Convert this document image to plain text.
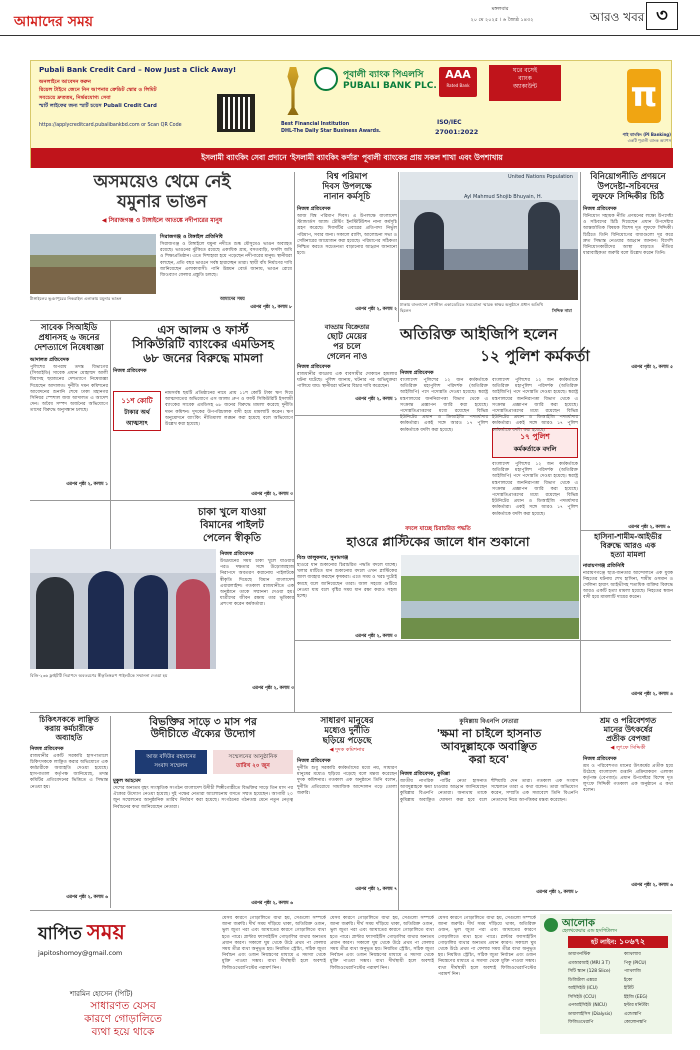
আমাদের সময়
মঙ্গলবার
২০ মে ২০২৫ । ৬ জ্যৈষ্ঠ ১৪৩২	আরও খবর ৩
Pubali Bank Credit Card – Now Just a Click Away!
অনলাইনে আবেদন করুন
রিয়েল টাইমে জেনে নিন আপনার ক্রেডিট স্কোর ও লিমিট
সবচেয়ে দ্রুততম, নির্ভরযোগ্য সেবা
স্মার্ট লাইফের জন্য স্মার্ট চয়েস Pubali Credit Card
https://applycreditcard.pubalibankbd.com or Scan QR Code	Best Financial Institution
DHL-The Daily Star Business Awards.
পূবালী ব্যাংক পিএলসি
PUBALI BANK PLC.
AAA
Rated Bank
ISO/IEC
27001:2022
ঘরে বসেই
ব্যাংক
অ্যাকাউন্ট	π
পাই ব্যাংকিং (PI Banking)
একটি পূবালী ব্যাংক অ্যাপস
ইসলামী ব্যাংকিং সেবা প্রদানে 'ইসলামী ব্যাংকিং কর্ণার' পূবালী ব্যাংকের প্রায় সকল শাখা এবং উপশাখায়
অসময়েও থেমে নেই
যমুনার ভাঙন
◀ সিরাজগঞ্জ ও টাঙ্গাইলে আতঙ্কে নদীপারের মানুষ
টাঙ্গাইলের ভূঞাপুরের নিকরাইল এলাকায় যমুনার ভাঙন	আমাদের সময়
সিরাজগঞ্জ ও টাঙ্গাইল প্রতিনিধি
সিরাজগঞ্জ ও টাঙ্গাইলে যমুনা নদীতে শুষ্ক মৌসুমেও ভাঙন অব্যাহত রয়েছে। ভাঙনের ঝুঁকিতে রয়েছে একাধিক গ্রাম, বসতবাড়ি, ফসলি জমি ও শিক্ষাপ্রতিষ্ঠান। এতে দিশাহারা হয়ে পড়েছেন নদীপারের মানুষ। স্থানীয়রা বলছেন, প্রতি বছর ভাঙনে সর্বস্ব হারাচ্ছেন তারা। স্থায়ী বাঁধ নির্মাণের দাবি জানিয়েছেন এলাকাবাসী। পানি উন্নয়ন বোর্ড জানায়, ভাঙন রোধে জিওব্যাগ ফেলার প্রস্তুতি চলছে।
এরপর পৃষ্ঠা ২, কলাম ৮
বিশ্ব পরিমাপ
দিবস উপলক্ষে
নানান কর্মসূচি
নিজস্ব প্রতিবেদক
আজ বিশ্ব পরিমাপ দিবস। এ উপলক্ষে বাংলাদেশ স্ট্যান্ডার্ডস অ্যান্ড টেস্টিং ইনস্টিটিউশন নানা কর্মসূচি গ্রহণ করেছে। দিবসটির এবারের প্রতিপাদ্য নির্ভুল পরিমাপ, সবার জন্য। সকালে র‌্যালি, আলোচনা সভা ও সেমিনারের আয়োজন করা হয়েছে। পরিমাপের সঠিকতা নিশ্চিত করতে সচেতনতা বাড়ানোর আহ্বান জানানো হবে।
এরপর পৃষ্ঠা ২, কলাম ২
United Nations Population
Ayl Mahmud Shojib Bhuyain, H.
ঢাকায় বাংলাদেশ পোস্টাল একাডেমিতে সমঝোতা স্মারক স্বাক্ষর অনুষ্ঠানে প্রধান অতিথি ছিলেন	সিদ্দিক নামা
বিনিয়োগনীতি প্রণয়নে
উপদেষ্টা-সচিবদের
লুফফে সিদ্দিকীর চিঠি
নিজস্ব প্রতিবেদক
বিনিয়োগ সহায়ক নীতি প্রণয়নের লক্ষ্যে উপদেষ্টা ও সচিবদের চিঠি দিয়েছেন প্রধান উপদেষ্টার আন্তর্জাতিক বিষয়ক বিশেষ দূত লুফফে সিদ্দিকী। চিঠিতে তিনি বিনিয়োগের বাধাগুলো দূর করে দ্রুত সিদ্ধান্ত নেওয়ার আহ্বান জানান। বিদেশি বিনিয়োগকারীদের আস্থা বাড়াতে নীতির ধারাবাহিকতা জরুরি বলে উল্লেখ করেন তিনি।
এরপর পৃষ্ঠা ২, কলাম ৫
সাবেক সিআইডি
প্রধানসহ ৬ জনের
দেশত্যাগে নিষেধাজ্ঞা
আদালত প্রতিবেদক
পুলিশের অপরাধ তদন্ত বিভাগের (সিআইডি) সাবেক প্রধান মোহাম্মদ আলী মিয়াসহ ছয়জনের দেশত্যাগে নিষেধাজ্ঞা দিয়েছেন আদালত। দুর্নীতি দমন কমিশনের আবেদনের শুনানি শেষে ঢাকা মহানগর সিনিয়র স্পেশাল জজ আদালত এ আদেশ দেন। অবৈধ সম্পদ অর্জনের অভিযোগে তাদের বিরুদ্ধে অনুসন্ধান চলছে।
এরপর পৃষ্ঠা ২, কলাম ১
এস আলম ও ফার্স্ট
সিকিউরিটি ব্যাংকের এমডিসহ
৬৮ জনের বিরুদ্ধে মামলা
নিজস্ব প্রতিবেদক
১১শ কোটি
টাকার অর্থ
আত্মসাৎ
নামসর্বস্ব ছয়টি প্রতিষ্ঠানের নামে প্রায় ১১শ কোটি টাকা ঋণ দিয়ে আত্মসাতের অভিযোগে এস আলম গ্রুপ ও ফার্স্ট সিকিউরিটি ইসলামী ব্যাংকের সাবেক এমডিসহ ৬৮ জনের বিরুদ্ধে মামলা করেছে দুর্নীতি দমন কমিশন। দুদকের উপপরিচালক বাদী হয়ে মামলাটি করেন। ঋণ অনুমোদনে ব্যাংকিং নীতিমালা লঙ্ঘন করা হয়েছে বলে অভিযোগে উল্লেখ করা হয়েছে।
এরপর পৃষ্ঠা ২, কলাম ৩
বাড্ডায় বিক্রেতার
ছোট মেয়ের
পর চলে
গেলেন নাও
নিজস্ব প্রতিবেদক
রাজধানীর বাড্ডায় এক ব্যবসায়ীর দোকানে হামলার ঘটনা ঘটেছে। পুলিশ জানায়, ঘটনার পর অভিযুক্তরা পালিয়ে যায়। স্থানীয়রা ঘটনার বিচার দাবি করেছেন।
এরপর পৃষ্ঠা ২, কলাম ১
অতিরিক্ত আইজিপি হলেন
১২ পুলিশ কর্মকর্তা
নিজস্ব প্রতিবেদক
বাংলাদেশ পুলিশের ১২ জন কর্মকর্তাকে অতিরিক্ত মহাপুলিশ পরিদর্শক (অতিরিক্ত আইজিপি) পদে পদোন্নতি দেওয়া হয়েছে। স্বরাষ্ট্র মন্ত্রণালয়ের জননিরাপত্তা বিভাগ থেকে এ সংক্রান্ত প্রজ্ঞাপন জারি করা হয়েছে। পদোন্নতিপ্রাপ্তদের মধ্যে রয়েছেন বিভিন্ন ইউনিটের প্রধান ও ডিআইজি পদমর্যাদার কর্মকর্তারা। একই সঙ্গে আরও ১৭ পুলিশ কর্মকর্তাকে বদলি করা হয়েছে।
১৭ পুলিশ
কর্মকর্তাকে বদলি
বাংলাদেশ পুলিশের ১২ জন কর্মকর্তাকে অতিরিক্ত মহাপুলিশ পরিদর্শক (অতিরিক্ত আইজিপি) পদে পদোন্নতি দেওয়া হয়েছে। স্বরাষ্ট্র মন্ত্রণালয়ের জননিরাপত্তা বিভাগ থেকে এ সংক্রান্ত প্রজ্ঞাপন জারি করা হয়েছে। পদোন্নতিপ্রাপ্তদের মধ্যে রয়েছেন বিভিন্ন ইউনিটের প্রধান ও ডিআইজি পদমর্যাদার কর্মকর্তারা। একই সঙ্গে আরও ১৭ পুলিশ কর্মকর্তাকে বদলি করা হয়েছে।
বাংলাদেশ পুলিশের ১২ জন কর্মকর্তাকে অতিরিক্ত মহাপুলিশ পরিদর্শক (অতিরিক্ত আইজিপি) পদে পদোন্নতি দেওয়া হয়েছে। স্বরাষ্ট্র মন্ত্রণালয়ের জননিরাপত্তা বিভাগ থেকে এ সংক্রান্ত প্রজ্ঞাপন জারি করা হয়েছে। পদোন্নতিপ্রাপ্তদের মধ্যে রয়েছেন বিভিন্ন ইউনিটের প্রধান ও ডিআইজি পদমর্যাদার কর্মকর্তারা। একই সঙ্গে আরও ১৭ পুলিশ কর্মকর্তাকে বদলি করা হয়েছে।
এরপর পৃষ্ঠা ২, কলাম ৬
চাকা খুলে যাওয়া
বিমানের পাইলট
পেলেন স্বীকৃতি
নিজস্ব প্রতিবেদক
উড্ডয়নের সময় চাকা খুলে যাওয়ার পরও দক্ষতার সঙ্গে উড়োজাহাজ নিরাপদে অবতরণ করানোয় পাইলটকে স্বীকৃতি দিয়েছে বিমান বাংলাদেশ এয়ারলাইন্স। গতকাল রাজধানীতে এক অনুষ্ঠানে তাকে সম্মাননা দেওয়া হয়। যাত্রীদের জীবন রক্ষায় তার ভূমিকার প্রশংসা করেন কর্মকর্তারা।
বিজি-২৩৬ ফ্লাইটটি নিরাপদে অবতরণের স্বীকৃতিস্বরূপ পাইলটকে সম্মাননা দেওয়া হয়
এরপর পৃষ্ঠা ২, কলাম ৩
বদলে যাচ্ছে চিরাচরিত পদ্ধতি
হাওরে প্লাস্টিকের জালে ধান শুকানো
বিশু তালুকদার, সুনামগঞ্জ
হাওরে ধান শুকানোর চিরাচরিত পদ্ধতি বদলে যাচ্ছে। খলার মাটিতে ধান শুকানোর বদলে এখন প্লাস্টিকের জাল ব্যবহার করছেন কৃষকরা। এতে সময় ও খরচ দুটোই কমছে বলে জানিয়েছেন তারা। জাল সহজে গুটিয়ে নেওয়া যায় বলে বৃষ্টির সময় ধান রক্ষা করাও সহজ হচ্ছে।
এরপর পৃষ্ঠা ২, কলাম ৩
হাসিনা-শামীম-আইভীর
বিরুদ্ধে আরও এক
হত্যা মামলা
নারায়ণগঞ্জ প্রতিনিধি
নারায়ণগঞ্জে ছাত্র-জনতার আন্দোলনে এক যুবক নিহতের ঘটনায় শেখ হাসিনা, শামীম ওসমান ও সেলিনা হায়াৎ আইভীসহ শতাধিক ব্যক্তির বিরুদ্ধে আরও একটি হত্যা মামলা হয়েছে। নিহতের স্বজন বাদী হয়ে মামলাটি দায়ের করেন।
এরপর পৃষ্ঠা ২, কলাম ৪
চিকিৎসককে লাঞ্ছিত
করায় কর্মচারীকে
অব্যাহতি
নিজস্ব প্রতিবেদক
রাজধানীর একটি সরকারি হাসপাতালে চিকিৎসককে লাঞ্ছিত করার অভিযোগে এক কর্মচারীকে অব্যাহতি দেওয়া হয়েছে। হাসপাতাল কর্তৃপক্ষ জানিয়েছে, তদন্ত কমিটির প্রতিবেদনের ভিত্তিতে এ সিদ্ধান্ত নেওয়া হয়।
এরপর পৃষ্ঠা ২, কলাম ৬
বিভক্তির সাড়ে ৩ মাস পর
উদীচীতে ঐক্যের উদ্যোগ
আজ বদিউর রহমানের
সংবাদ সম্মেলন
সম্মেলনের আনুষ্ঠানিক
তারিখ ২০ জুন
মুকুল আহমেদ
দেশের অন্যতম বৃহৎ সাংস্কৃতিক সংগঠন বাংলাদেশ উদীচী শিল্পীগোষ্ঠীতে বিভক্তির সাড়ে তিন মাস পর ঐক্যের উদ্যোগ নেওয়া হয়েছে। দুই পক্ষের নেতারা আলোচনায় বসতে সম্মত হয়েছেন। আগামী ২০ জুন সম্মেলনের আনুষ্ঠানিক তারিখ নির্ধারণ করা হয়েছে। সংগঠনের গঠনতন্ত্র মেনে নতুন নেতৃত্ব নির্বাচনের কথা জানিয়েছেন নেতারা।
এরপর পৃষ্ঠা ২, কলাম ৬
সাধারণ মানুষের
মধ্যেও দুর্নীতি
ছড়িয়ে পড়েছে
◀ দুদক কমিশনার
নিজস্ব প্রতিবেদক
দুর্নীতি শুধু সরকারি কর্মকর্তাদের মধ্যে নয়, সাধারণ মানুষের মধ্যেও ছড়িয়ে পড়েছে বলে মন্তব্য করেছেন দুদক কমিশনার। গতকাল এক অনুষ্ঠানে তিনি বলেন, দুর্নীতি প্রতিরোধে সামাজিক আন্দোলন গড়ে তোলা জরুরি।
এরপর পৃষ্ঠা ২, কলাম ৭
কুমিল্লায় বিএনপি নেতারা
'ক্ষমা না চাইলে হাসনাত
আবদুল্লাহকে অবাঞ্ছিত
করা হবে'
নিজস্ব প্রতিবেদক, কুমিল্লা
জাতীয় নাগরিক পার্টির নেতা হাসনাত আবদুল্লাহকে ক্ষমা চাওয়ার আহ্বান জানিয়েছেন কুমিল্লার বিএনপি নেতারা। অন্যথায় তাকে কুমিল্লায় অবাঞ্ছিত ঘোষণা করা হবে বলে হুঁশিয়ারি দেন তারা। গতকাল এক সংবাদ সম্মেলনে তারা এ কথা বলেন। তারা অভিযোগ করেন, সম্প্রতি এক সমাবেশে তিনি বিএনপি নেতাদের নিয়ে আপত্তিকর মন্তব্য করেছেন।
এরপর পৃষ্ঠা ২, কলাম ৮
শ্রম ও পরিবেশগত
মানের উৎকর্ষের
প্রতীক বেপজা
◀ লুৎফে সিদ্দিকী
নিজস্ব প্রতিবেদক
শ্রম ও পরিবেশগত মানের উৎকর্ষের প্রতীক হয়ে উঠেছে বাংলাদেশ রপ্তানি প্রক্রিয়াকরণ এলাকা কর্তৃপক্ষ (বেপজা)। প্রধান উপদেষ্টার বিশেষ দূত লুৎফে সিদ্দিকী গতকাল এক অনুষ্ঠানে এ কথা বলেন।
এরপর পৃষ্ঠা ২, কলাম ৬
যাপিত সময়
japitoshomoy@gmail.com
শারমিন হোসেন (পিটি)
সাধারণত যেসব
কারণে গোড়ালিতে
ব্যথা হয়ে থাকে
যেসব কারণে গোড়ালিতে ব্যথা হয়, সেগুলো সম্পর্কে জানা জরুরি। দীর্ঘ সময় দাঁড়িয়ে থাকা, অতিরিক্ত ওজন, ভুল জুতা পরা এবং আঘাতের কারণে গোড়ালিতে ব্যথা হতে পারে। প্লান্টার ফ্যাসাইটিস গোড়ালির ব্যথার অন্যতম প্রধান কারণ। সকালে ঘুম থেকে উঠে প্রথম পা ফেলার সময় তীব্র ব্যথা অনুভূত হয়। নিয়মিত স্ট্রেচিং, সঠিক জুতা নির্বাচন এবং ওজন নিয়ন্ত্রণের মাধ্যমে এ সমস্যা থেকে মুক্তি পাওয়া সম্ভব। ব্যথা দীর্ঘস্থায়ী হলে অবশ্যই ফিজিওথেরাপিস্টের পরামর্শ নিন।
যেসব কারণে গোড়ালিতে ব্যথা হয়, সেগুলো সম্পর্কে জানা জরুরি। দীর্ঘ সময় দাঁড়িয়ে থাকা, অতিরিক্ত ওজন, ভুল জুতা পরা এবং আঘাতের কারণে গোড়ালিতে ব্যথা হতে পারে। প্লান্টার ফ্যাসাইটিস গোড়ালির ব্যথার অন্যতম প্রধান কারণ। সকালে ঘুম থেকে উঠে প্রথম পা ফেলার সময় তীব্র ব্যথা অনুভূত হয়। নিয়মিত স্ট্রেচিং, সঠিক জুতা নির্বাচন এবং ওজন নিয়ন্ত্রণের মাধ্যমে এ সমস্যা থেকে মুক্তি পাওয়া সম্ভব। ব্যথা দীর্ঘস্থায়ী হলে অবশ্যই ফিজিওথেরাপিস্টের পরামর্শ নিন।
আলোক
হেলথকেয়ার এন্ড হসপিটালস
হট লাইন: ১০৬৭২
ডায়াগনস্টিক
এমআরআই (MRI 3 T)
সিটি স্ক্যান (128 Slice)
ডিজিটাল এক্সরে
আইসিইউ (ICU)
সিসিইউ (CCU)
এনআইসিইউ (NICU)
ডায়ালাইসিস (Dialysis)
ফিজিওথেরাপি
ক্যাথল্যাব
পিকু (PICU)
প্যাথলজি
ইকো
ইটিটি
ইইজি (EEG)
হল্টার মনিটরিং
এন্ডোস্কপি
কোলোনস্কপি
যেসব কারণে গোড়ালিতে ব্যথা হয়, সেগুলো সম্পর্কে জানা জরুরি। দীর্ঘ সময় দাঁড়িয়ে থাকা, অতিরিক্ত ওজন, ভুল জুতা পরা এবং আঘাতের কারণে গোড়ালিতে ব্যথা হতে পারে। প্লান্টার ফ্যাসাইটিস গোড়ালির ব্যথার অন্যতম প্রধান কারণ। সকালে ঘুম থেকে উঠে প্রথম পা ফেলার সময় তীব্র ব্যথা অনুভূত হয়। নিয়মিত স্ট্রেচিং, সঠিক জুতা নির্বাচন এবং ওজন নিয়ন্ত্রণের মাধ্যমে এ সমস্যা থেকে মুক্তি পাওয়া সম্ভব। ব্যথা দীর্ঘস্থায়ী হলে অবশ্যই ফিজিওথেরাপিস্টের পরামর্শ নিন।
